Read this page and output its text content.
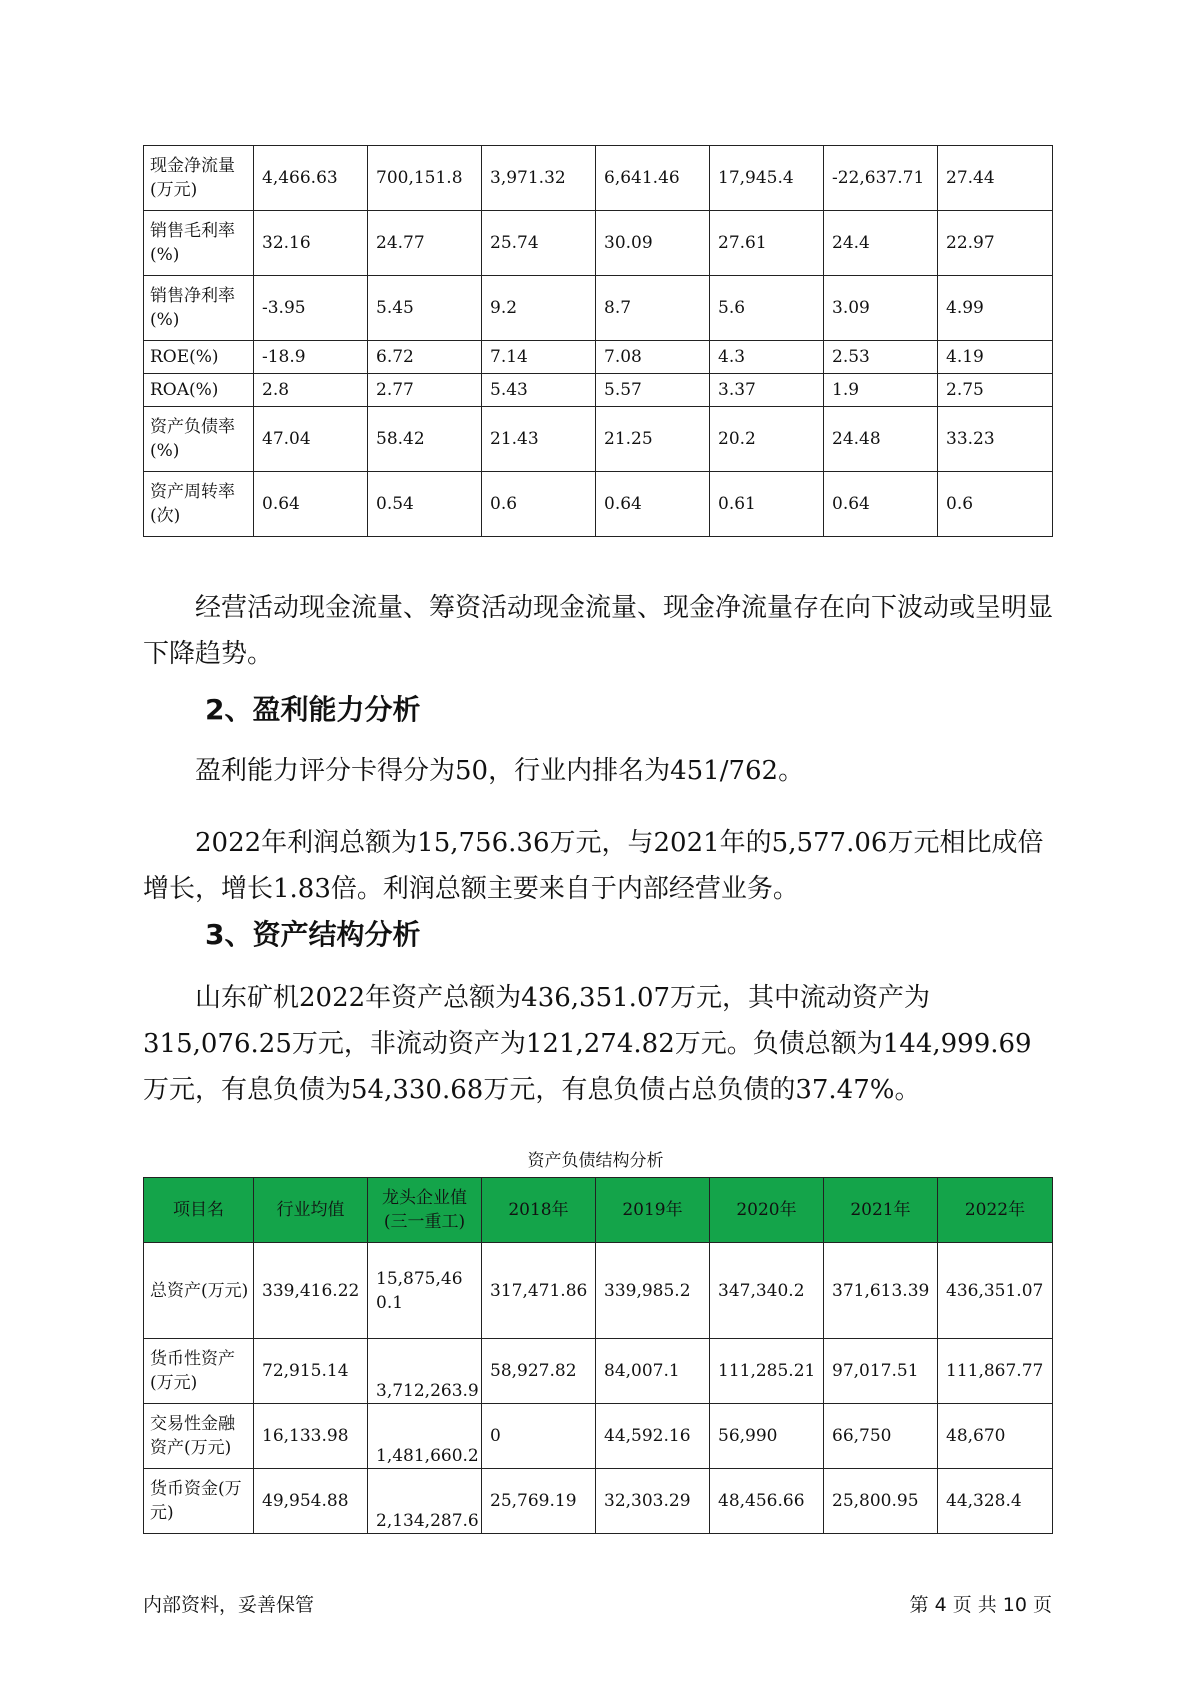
现金净流量(万元)	4,466.63	700,151.8	3,971.32	6,641.46	17,945.4	-22,637.71	27.44
销售毛利率(%)	32.16	24.77	25.74	30.09	27.61	24.4	22.97
销售净利率(%)	-3.95	5.45	9.2	8.7	5.6	3.09	4.99
ROE(%)	-18.9	6.72	7.14	7.08	4.3	2.53	4.19
ROA(%)	2.8	2.77	5.43	5.57	3.37	1.9	2.75
资产负债率(%)	47.04	58.42	21.43	21.25	20.2	24.48	33.23
资产周转率(次)	0.64	0.54	0.6	0.64	0.61	0.64	0.6

经营活动现金流量、筹资活动现金流量、现金净流量存在向下波动或呈明显下降趋势。

2、盈利能力分析

盈利能力评分卡得分为50，行业内排名为451/762。

2022年利润总额为15,756.36万元，与2021年的5,577.06万元相比成倍增长，增长1.83倍。利润总额主要来自于内部经营业务。

3、资产结构分析

山东矿机2022年资产总额为436,351.07万元，其中流动资产为315,076.25万元，非流动资产为121,274.82万元。负债总额为144,999.69万元，有息负债为54,330.68万元，有息负债占总负债的37.47%。

资产负债结构分析
项目名	行业均值	龙头企业值(三一重工)	2018年	2019年	2020年	2021年	2022年
总资产(万元)	339,416.22	15,875,460.1	317,471.86	339,985.2	347,340.2	371,613.39	436,351.07
货币性资产(万元)	72,915.14	3,712,263.9	58,927.82	84,007.1	111,285.21	97,017.51	111,867.77
交易性金融资产(万元)	16,133.98	1,481,660.2	0	44,592.16	56,990	66,750	48,670
货币资金(万元)	49,954.88	2,134,287.6	25,769.19	32,303.29	48,456.66	25,800.95	44,328.4
内部资料，妥善保管	第 4 页 共 10 页
